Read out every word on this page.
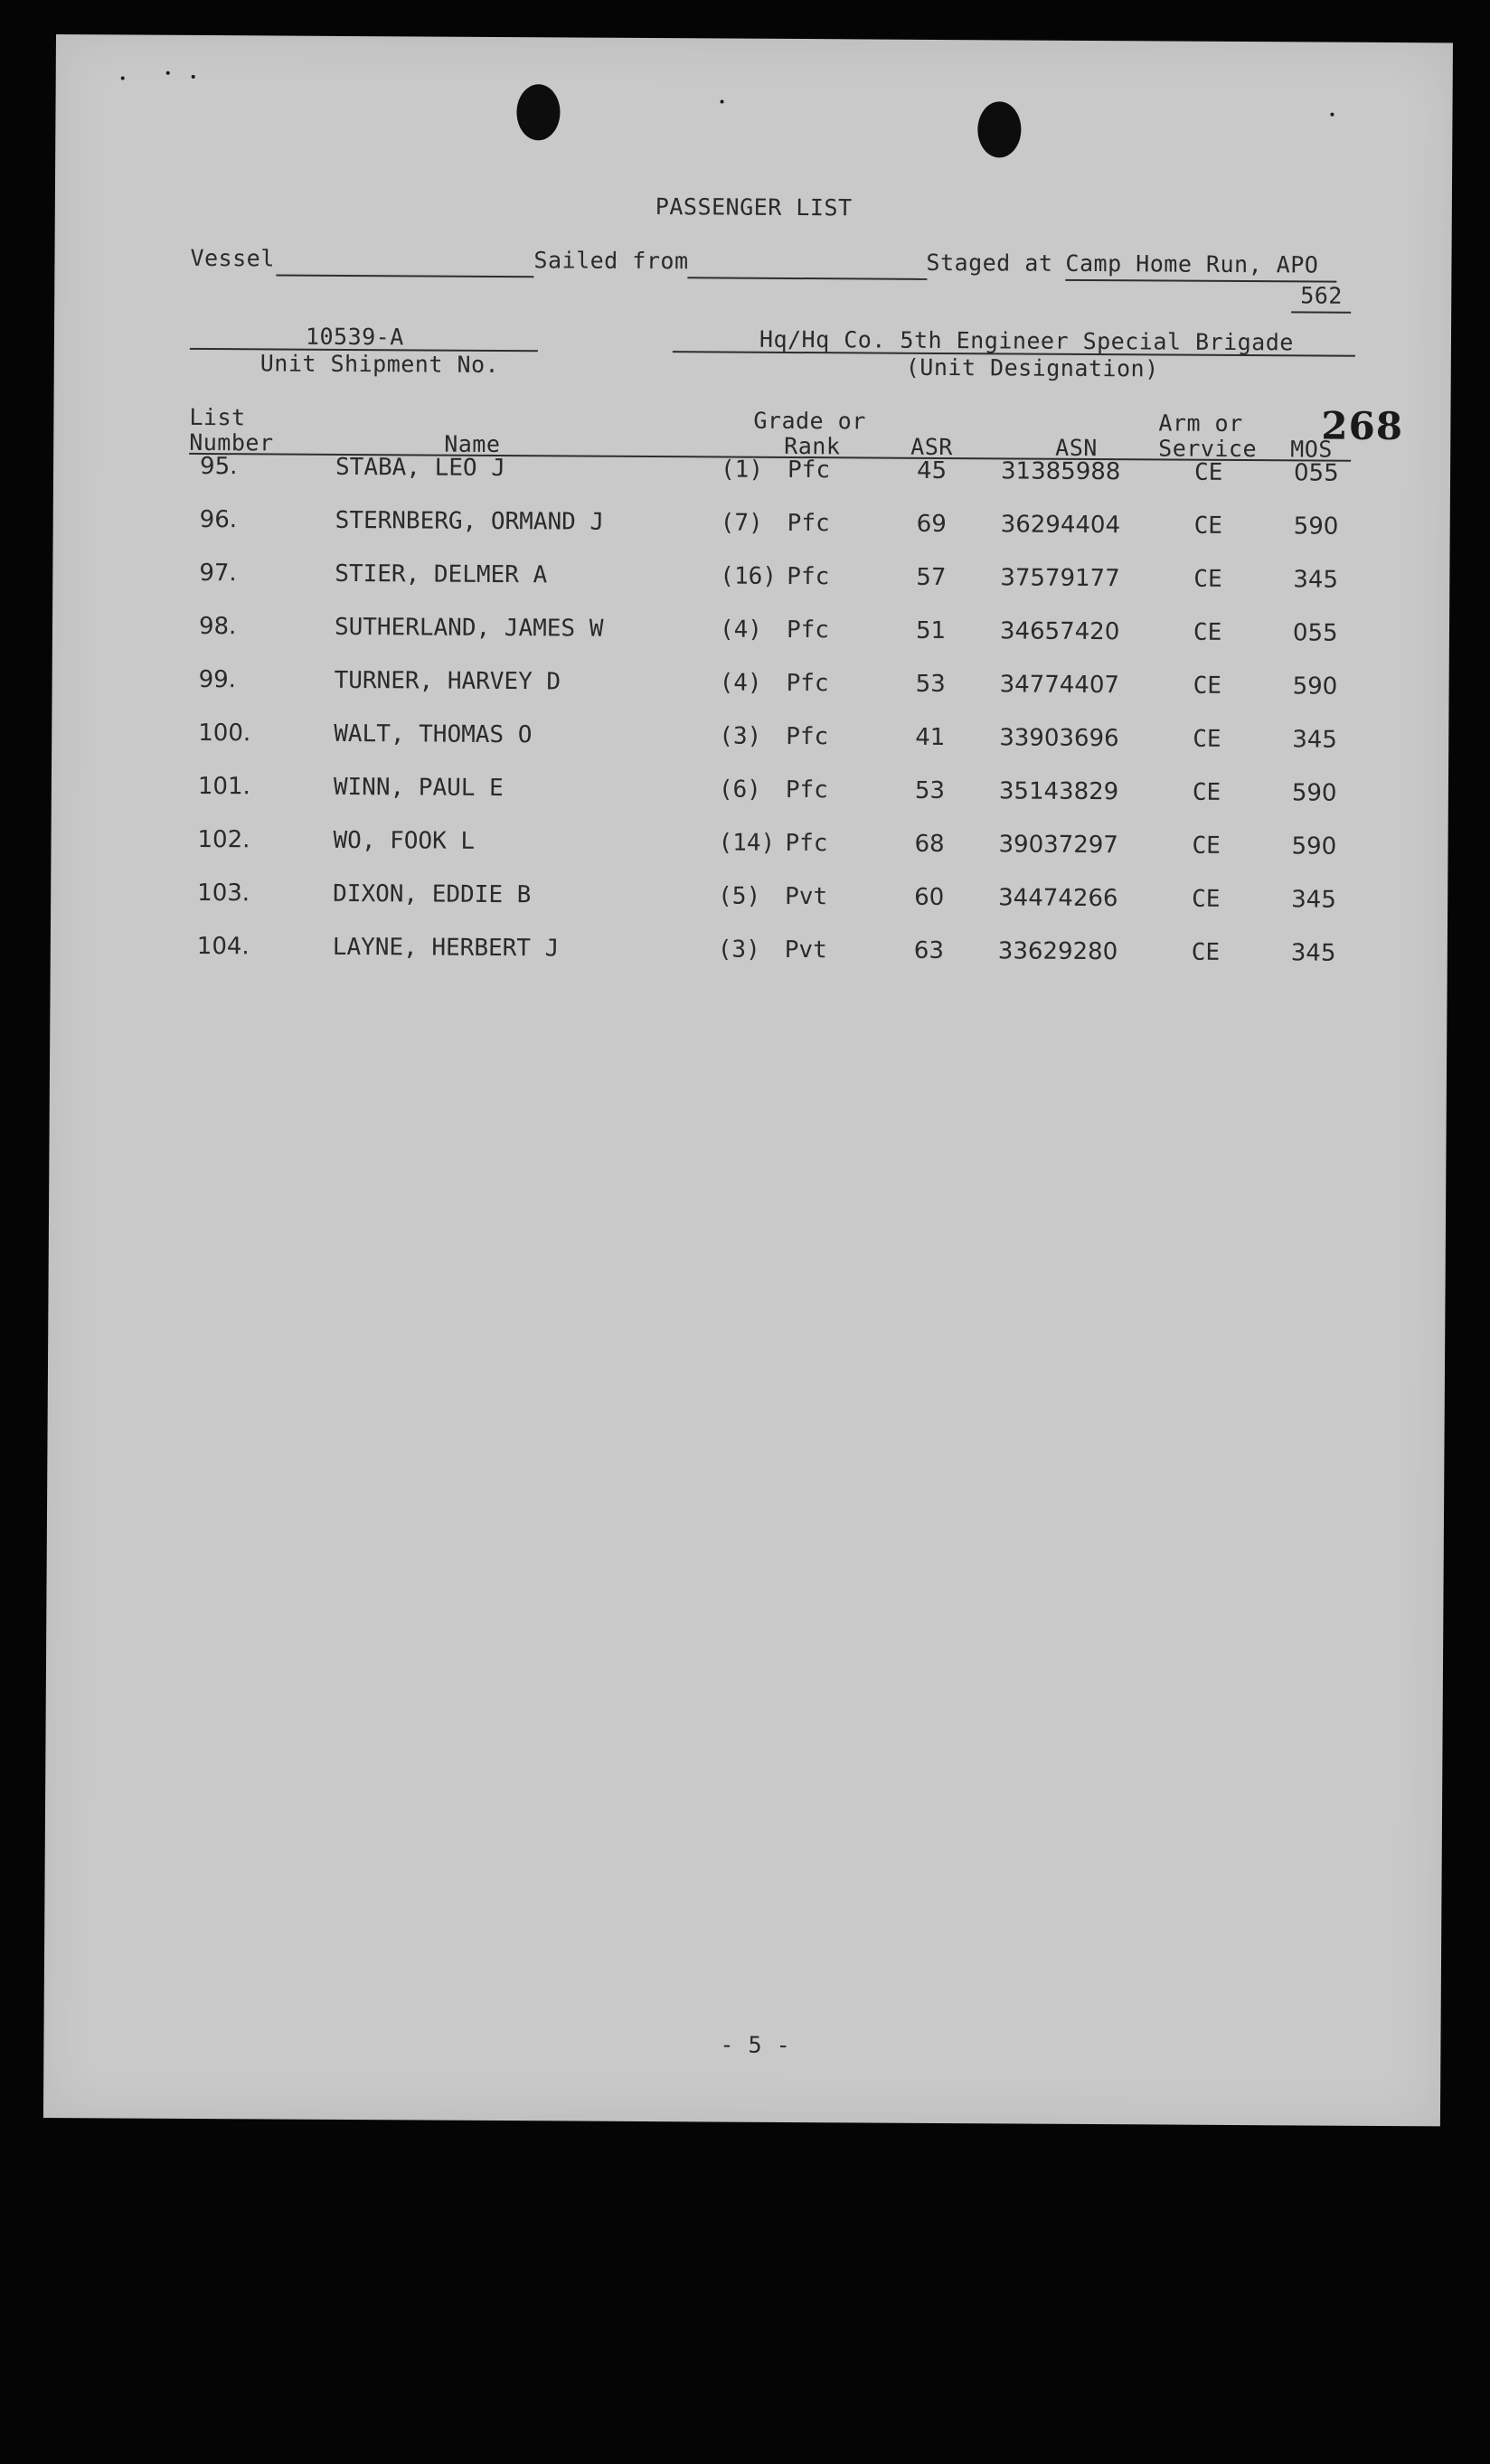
PASSENGER LIST
Vessel	Sailed from	Staged at Camp Home Run, APO
562
10539-A
Unit Shipment No.
Hq/Hq Co. 5th Engineer Special Brigade
(Unit Designation)
268
List
Number	Name
Grade or
Rank	ASR	ASN
Arm or
Service MOS
95.	STABA, LEO J	(1) Pfc	45 31385988	CE	055
96.	STERNBERG, ORMAND J	(7) Pfc	69 36294404	CE	590
97.	STIER, DELMER A	(16) Pfc	57 37579177	CE	345
98.	SUTHERLAND, JAMES W	(4) Pfc	51 34657420	CE	055
99.	TURNER, HARVEY D	(4) Pfc	53 34774407	CE	590
100.	WALT, THOMAS O	(3) Pfc	41 33903696	CE	345
101.	WINN, PAUL E	(6) Pfc	53 35143829	CE	590
102.	WO, FOOK L	(14) Pfc	68 39037297	CE	590
103.	DIXON, EDDIE B	(5) Pvt	60 34474266	CE	345
104.	LAYNE, HERBERT J	(3) Pvt	63 33629280	CE	345
- 5 -
